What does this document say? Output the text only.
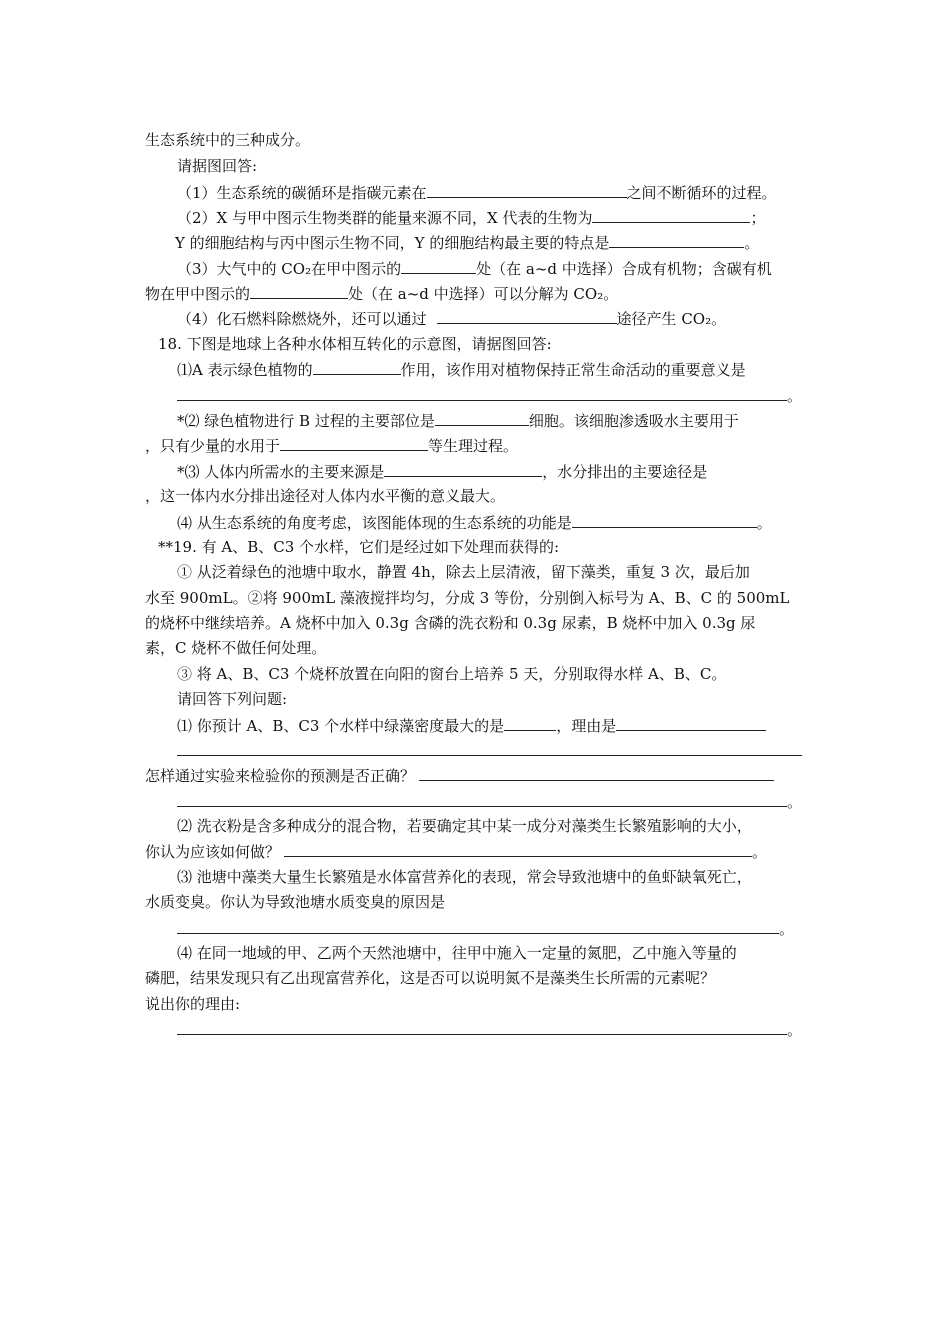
生态系统中的三种成分。
请据图回答:
（1）生态系统的碳循环是指碳元素在	之间不断循环的过程。
（2）X 与甲中图示生物类群的能量来源不同，X 代表的生物为	；
Y 的细胞结构与丙中图示生物不同，Y 的细胞结构最主要的特点是	。
（3）大气中的 CO₂在甲中图示的	处（在 a~d 中选择）合成有机物；含碳有机
物在甲中图示的	处（在 a~d 中选择）可以分解为 CO₂。
（4）化石燃料除燃烧外，还可以通过	途径产生 CO₂。
18. 下图是地球上各种水体相互转化的示意图，请据图回答:
⑴A 表示绿色植物的	作用，该作用对植物保持正常生命活动的重要意义是
。
*⑵ 绿色植物进行 B 过程的主要部位是	细胞。该细胞渗透吸水主要用于
，只有少量的水用于	等生理过程。
*⑶ 人体内所需水的主要来源是	，水分排出的主要途径是
，这一体内水分排出途径对人体内水平衡的意义最大。
⑷ 从生态系统的角度考虑，该图能体现的生态系统的功能是	。
**19. 有 A、B、C3 个水样，它们是经过如下处理而获得的:
① 从泛着绿色的池塘中取水，静置 4h，除去上层清液，留下藻类，重复 3 次，最后加
水至 900mL。②将 900mL 藻液搅拌均匀，分成 3 等份，分别倒入标号为 A、B、C 的 500mL
的烧杯中继续培养。A 烧杯中加入 0.3g 含磷的洗衣粉和 0.3g 尿素，B 烧杯中加入 0.3g 尿
素，C 烧杯不做任何处理。
③ 将 A、B、C3 个烧杯放置在向阳的窗台上培养 5 天，分别取得水样 A、B、C。
请回答下列问题:
⑴ 你预计 A、B、C3 个水样中绿藻密度最大的是	，理由是
怎样通过实验来检验你的预测是否正确？
。
⑵ 洗衣粉是含多种成分的混合物，若要确定其中某一成分对藻类生长繁殖影响的大小，
你认为应该如何做？	。
⑶ 池塘中藻类大量生长繁殖是水体富营养化的表现，常会导致池塘中的鱼虾缺氧死亡，
水质变臭。你认为导致池塘水质变臭的原因是
。
⑷ 在同一地域的甲、乙两个天然池塘中，往甲中施入一定量的氮肥，乙中施入等量的
磷肥，结果发现只有乙出现富营养化，这是否可以说明氮不是藻类生长所需的元素呢？
说出你的理由:
。
